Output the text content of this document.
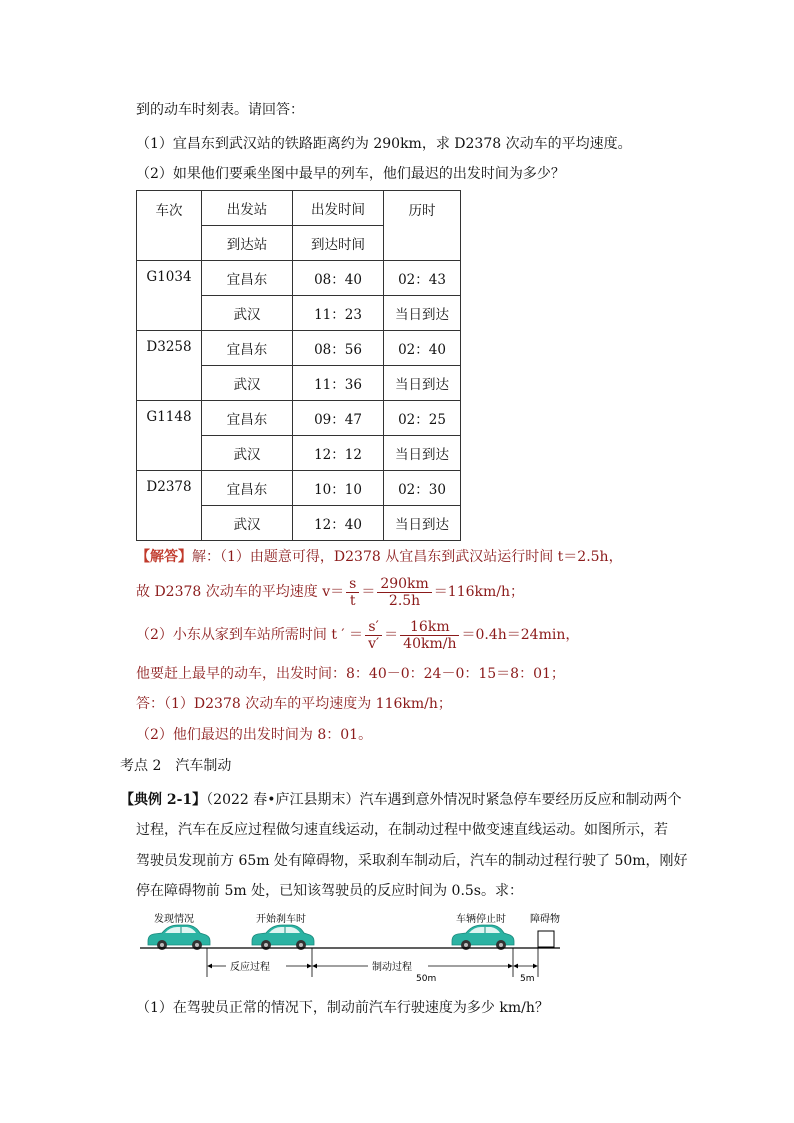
到的动车时刻表。请回答：
（1）宜昌东到武汉站的铁路距离约为 290km，求 D2378 次动车的平均速度。
（2）如果他们要乘坐图中最早的列车，他们最迟的出发时间为多少？
车次	出发站	出发时间	历时
	到达站	到达时间	
G1034	宜昌东	08：40	02：43
	武汉	11：23	当日到达
D3258	宜昌东	08：56	02：40
	武汉	11：36	当日到达
G1148	宜昌东	09：47	02：25
	武汉	12：12	当日到达
D2378	宜昌东	10：10	02：30
	武汉	12：40	当日到达
【解答】解：（1）由题意可得，D2378 从宜昌东到武汉站运行时间 t＝2.5h，
故 D2378 次动车的平均速度 $v= \frac{s}{t} = \frac{290km}{2.5h} =116km/h$；
（2）小东从家到车站所需时间 t ′ ＝ $\frac{s'}{v'} = \frac{16km}{40km/h} =0.4h=24\min$，
他要赶上最早的动车，出发时间：8：40－0：24－0：15＝8：01；
答：（1）D2378 次动车的平均速度为 116km/h；
（2）他们最迟的出发时间为 8：01。
考点 2　汽车制动
【典例 2-1】（2022 春•庐江县期末）汽车遇到意外情况时紧急停车要经历反应和制动两个
过程，汽车在反应过程做匀速直线运动，在制动过程中做变速直线运动。如图所示，若
驾驶员发现前方 65m 处有障碍物，采取刹车制动后，汽车的制动过程行驶了 50m，刚好
停在障碍物前 5m 处，已知该驾驶员的反应时间为 0.5s。求：
发现情况	开始刹车时	车辆停止时 障碍物
反应过程	制动过程
50m	5m
（1）在驾驶员正常的情况下，制动前汽车行驶速度为多少 km/h？
